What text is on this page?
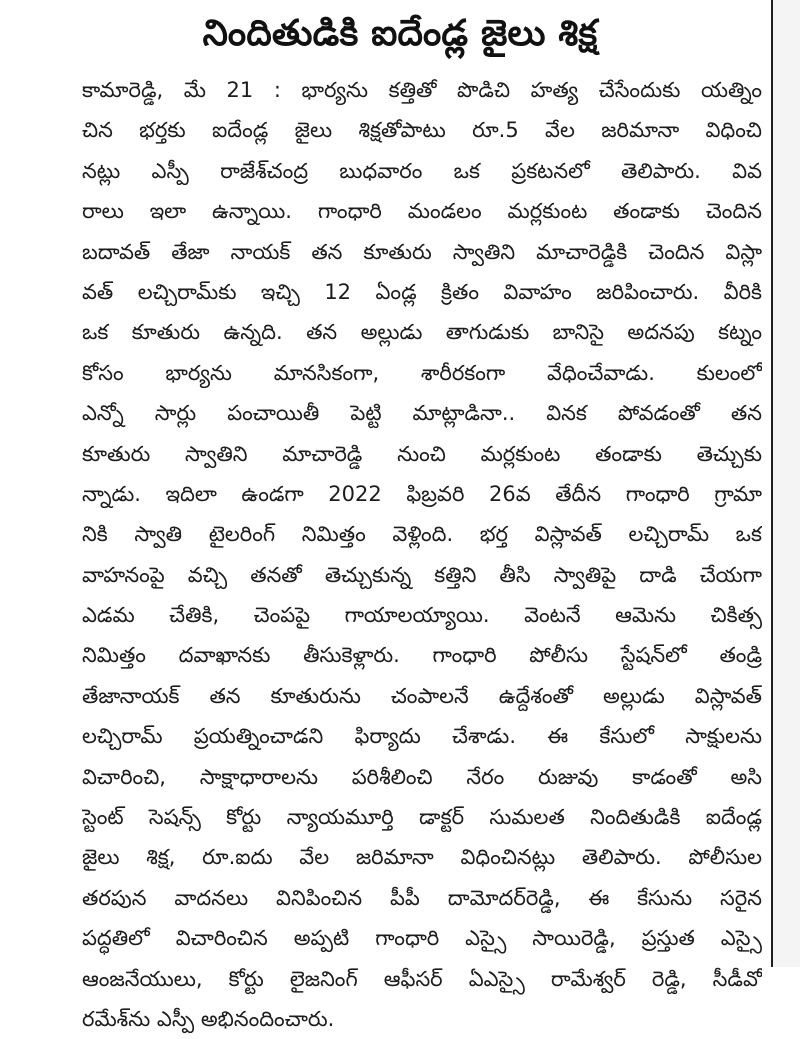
నిందితుడికి ఐదేండ్ల జైలు శిక్ష
కామారెడ్డి, మే 21 : భార్యను కత్తితో పొడిచి హత్య చేసేందుకు యత్నిం
చిన భర్తకు ఐదేండ్ల జైలు శిక్షతోపాటు రూ.5 వేల జరిమానా విధించి
నట్లు ఎస్పీ రాజేశ్‌చంద్ర బుధవారం ఒక ప్రకటనలో తెలిపారు. వివ
రాలు ఇలా ఉన్నాయి. గాంధారి మండలం మర్లకుంట తండాకు చెందిన
బదావత్ తేజా నాయక్ తన కూతురు స్వాతిని మాచారెడ్డికి చెందిన విస్లా
వత్ లచ్చిరామ్‌కు ఇచ్చి 12 ఏండ్ల క్రితం వివాహం జరిపించారు. వీరికి
ఒక కూతురు ఉన్నది. తన అల్లుడు తాగుడుకు బానిసై అదనపు కట్నం
కోసం భార్యను మానసికంగా, శారీరకంగా వేధించేవాడు. కులంలో
ఎన్నో సార్లు పంచాయితీ పెట్టి మాట్లాడినా.. వినక పోవడంతో తన
కూతురు స్వాతిని మాచారెడ్డి నుంచి మర్లకుంట తండాకు తెచ్చుకు
న్నాడు. ఇదిలా ఉండగా 2022 ఫిబ్రవరి 26వ తేదీన గాంధారి గ్రామా
నికి స్వాతి టైలరింగ్ నిమిత్తం వెళ్లింది. భర్త విస్లావత్ లచ్చిరామ్ ఒక
వాహనంపై వచ్చి తనతో తెచ్చుకున్న కత్తిని తీసి స్వాతిపై దాడి చేయగా
ఎడమ చేతికి, చెంపపై గాయాలయ్యాయి. వెంటనే ఆమెను చికిత్స
నిమిత్తం దవాఖానకు తీసుకెళ్లారు. గాంధారి పోలీసు స్టేషన్‌లో తండ్రి
తేజానాయక్ తన కూతురును చంపాలనే ఉద్దేశంతో అల్లుడు విస్లావత్
లచ్చిరామ్ ప్రయత్నించాడని ఫిర్యాదు చేశాడు. ఈ కేసులో సాక్షులను
విచారించి, సాక్షాధారాలను పరిశీలించి నేరం రుజువు కాడంతో అసి
స్టెంట్ సెషన్స్ కోర్టు న్యాయమూర్తి డాక్టర్ సుమలత నిందితుడికి ఐదేండ్ల
జైలు శిక్ష, రూ.ఐదు వేల జరిమానా విధించినట్లు తెలిపారు. పోలీసుల
తరపున వాదనలు వినిపించిన పీపీ దామోదర్‌రెడ్డి, ఈ కేసును సరైన
పద్ధతిలో విచారించిన అప్పటి గాంధారి ఎస్సై సాయిరెడ్డి, ప్రస్తుత ఎస్సై
ఆంజనేయులు, కోర్టు లైజనింగ్ ఆఫీసర్ ఏఎస్సై రామేశ్వర్ రెడ్డి, సీడీవో
రమేశ్‌ను ఎస్పీ అభినందించారు.
